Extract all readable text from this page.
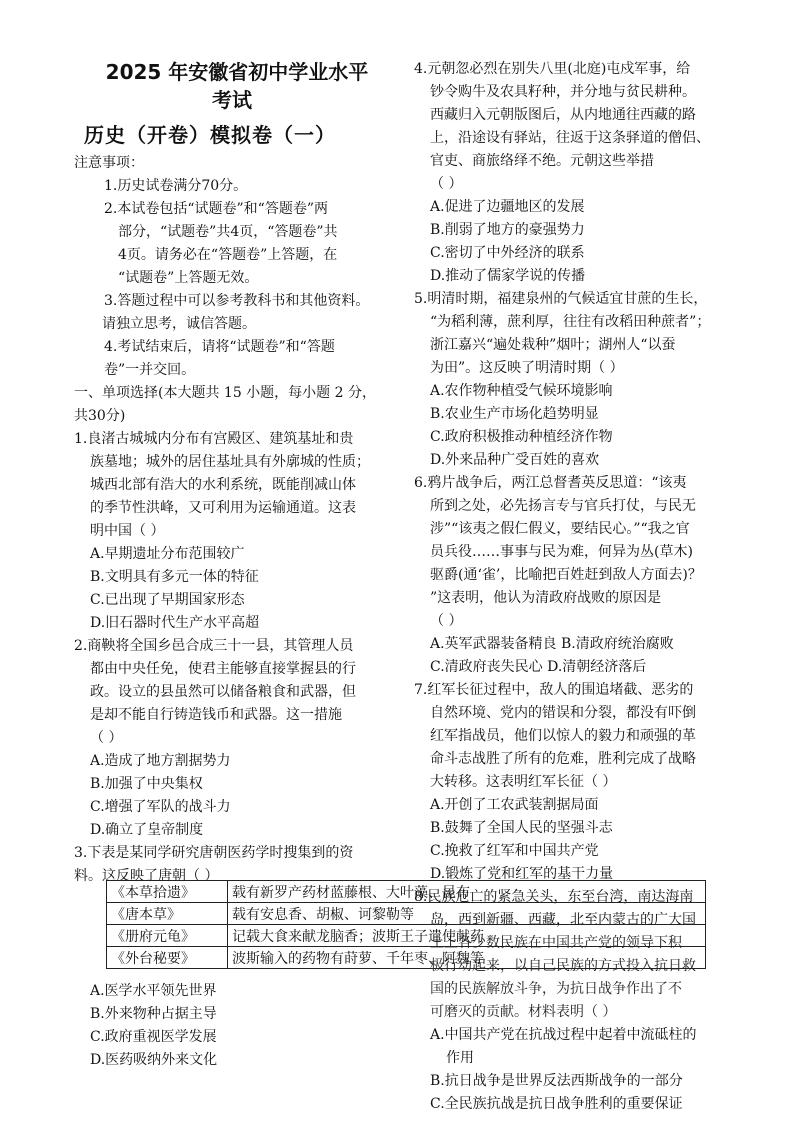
2025 年安徽省初中学业水平
考试
历史（开卷）模拟卷（一）
注意事项：
1.历史试卷满分70分。
2.本试卷包括“试题卷”和“答题卷”两
部分，“试题卷”共4页，“答题卷”共
4页。请务必在“答题卷”上答题，在
“试题卷”上答题无效。
3.答题过程中可以参考教科书和其他资料。
请独立思考，诚信答题。
4.考试结束后，请将“试题卷”和“答题
卷”一并交回。
一、单项选择(本大题共 15 小题，每小题 2 分，
共30分)
1.良渚古城城内分布有宫殿区、建筑基址和贵
族墓地；城外的居住基址具有外廓城的性质；
城西北部有浩大的水利系统，既能削减山体
的季节性洪峰，又可利用为运输通道。这表
明中国（ ）
A.早期遗址分布范围较广
B.文明具有多元一体的特征
C.已出现了早期国家形态
D.旧石器时代生产水平高超
2.商鞅将全国乡邑合成三十一县，其管理人员
都由中央任免，使君主能够直接掌握县的行
政。设立的县虽然可以储备粮食和武器，但
是却不能自行铸造钱币和武器。这一措施
（ ）
A.造成了地方割据势力
B.加强了中央集权
C.增强了军队的战斗力
D.确立了皇帝制度
3.下表是某同学研究唐朝医药学时搜集到的资
料。这反映了唐朝（ ）
A.医学水平领先世界
B.外来物种占据主导
C.政府重视医学发展
D.医药吸纳外来文化
4.元朝忽必烈在别失八里(北庭)屯戍军事，给
钞令购牛及农具籽种，并分地与贫民耕种。
西藏归入元朝版图后，从内地通往西藏的路
上，沿途设有驿站，往返于这条驿道的僧侣、
官吏、商旅络绎不绝。元朝这些举措
（ ）
A.促进了边疆地区的发展
B.削弱了地方的豪强势力
C.密切了中外经济的联系
D.推动了儒家学说的传播
5.明清时期，福建泉州的气候适宜甘蔗的生长，
“为稻利薄，蔗利厚，往往有改稻田种蔗者”；
浙江嘉兴“遍处栽种”烟叶；湖州人“以蚕
为田”。这反映了明清时期（ ）
A.农作物种植受气候环境影响
B.农业生产市场化趋势明显
C.政府积极推动种植经济作物
D.外来品种广受百姓的喜欢
6.鸦片战争后，两江总督耆英反思道：“该夷
所到之处，必先扬言专与官兵打仗，与民无
涉”“该夷之假仁假义，要结民心。”“我之官
员兵役……事事与民为难，何异为丛(草木)
驱爵(通‘雀’，比喻把百姓赶到敌人方面去)？
”这表明，他认为清政府战败的原因是
（ ）
A.英军武器装备精良 B.清政府统治腐败
C.清政府丧失民心 D.清朝经济落后
7.红军长征过程中，敌人的围追堵截、恶劣的
自然环境、党内的错误和分裂，都没有吓倒
红军指战员，他们以惊人的毅力和顽强的革
命斗志战胜了所有的危难，胜利完成了战略
大转移。这表明红军长征（ ）
A.开创了工农武装割据局面
B.鼓舞了全国人民的坚强斗志
C.挽救了红军和中国共产党
D.锻炼了党和红军的基干力量
8.民族危亡的紧急关头，东至台湾，南达海南
岛，西到新疆、西藏，北至内蒙古的广大国
土上各少数民族在中国共产党的领导下积
极行动起来，以自己民族的方式投入抗日救
国的民族解放斗争，为抗日战争作出了不
可磨灭的贡献。材料表明（ ）
A.中国共产党在抗战过程中起着中流砥柱的
作用
B.抗日战争是世界反法西斯战争的一部分
C.全民族抗战是抗日战争胜利的重要保证
《本草拾遗》	载有新罗产药材蓝藤根、大叶藻、昆布
《唐本草》	载有安息香、胡椒、诃黎勒等
《册府元龟》	记载大食来献龙脑香；波斯王子遣使献药
《外台秘要》	波斯输入的药物有莳萝、千年枣、阿魏等
